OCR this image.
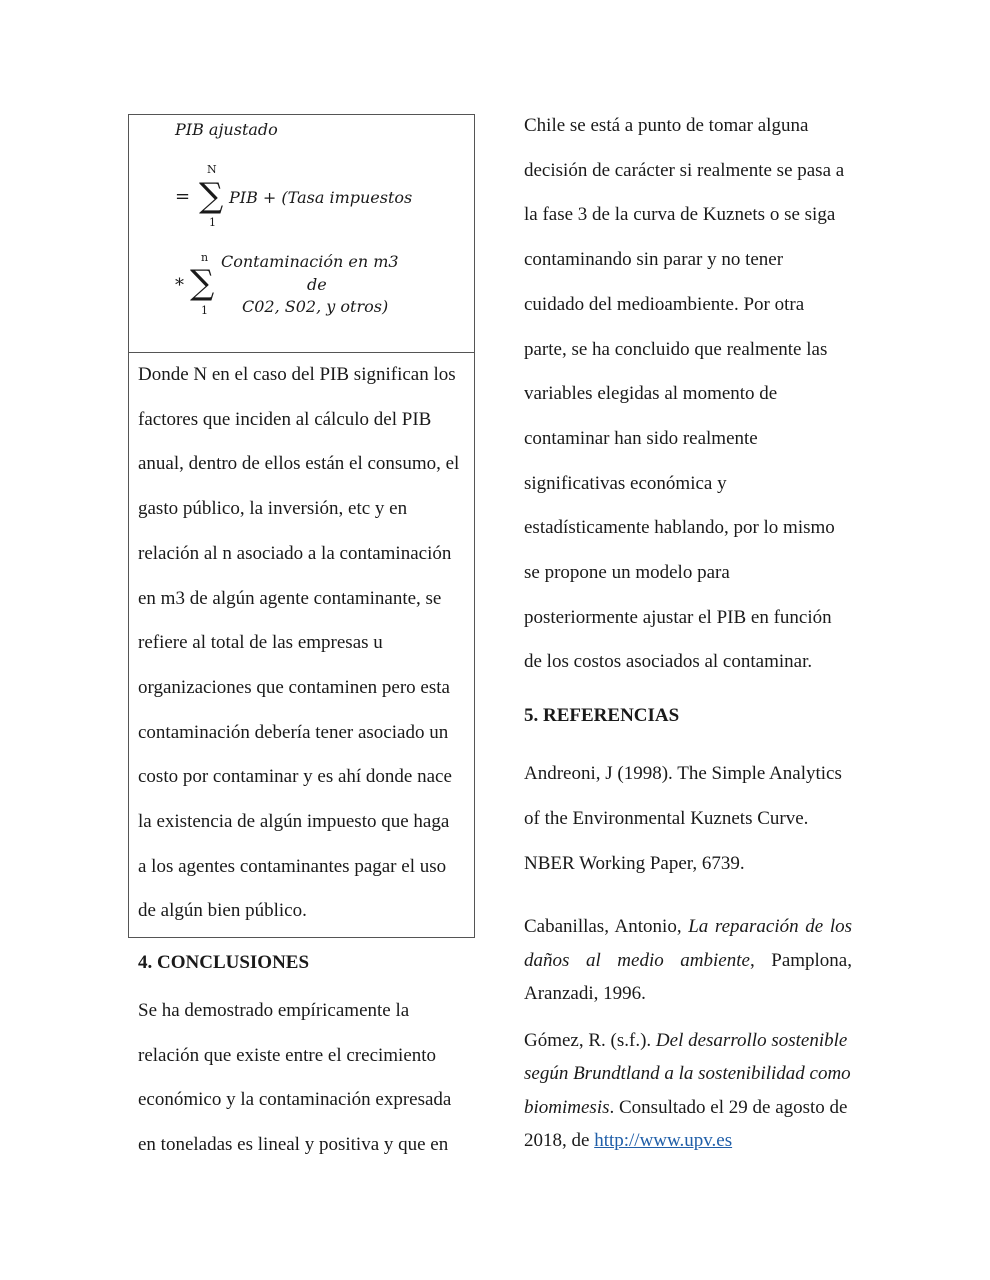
PIB ajustado
=
N
∑
1
PIB + (Tasa impuestos
*
n
∑
1
Contaminación en m3
de
C02, S02, y otros)

Donde N en el caso del PIB significan los
factores que inciden al cálculo del PIB
anual, dentro de ellos están el consumo, el
gasto público, la inversión, etc y en
relación al n asociado a la contaminación
en m3 de algún agente contaminante, se
refiere al total de las empresas u
organizaciones que contaminen pero esta
contaminación debería tener asociado un
costo por contaminar y es ahí donde nace
la existencia de algún impuesto que haga
a los agentes contaminantes pagar el uso
de algún bien público.

4. CONCLUSIONES

Se ha demostrado empíricamente la
relación que existe entre el crecimiento
económico y la contaminación expresada
en toneladas es lineal y positiva y que en

Chile se está a punto de tomar alguna
decisión de carácter si realmente se pasa a
la fase 3 de la curva de Kuznets o se siga
contaminando sin parar y no tener
cuidado del medioambiente. Por otra
parte, se ha concluido que realmente las
variables elegidas al momento de
contaminar han sido realmente
significativas económica y
estadísticamente hablando, por lo mismo
se propone un modelo para
posteriormente ajustar el PIB en función
de los costos asociados al contaminar.

5. REFERENCIAS

Andreoni, J (1998). The Simple Analytics
of the Environmental Kuznets Curve.
NBER Working Paper, 6739.

Cabanillas, Antonio, La reparación de los
daños al medio ambiente, Pamplona,
Aranzadi, 1996.

Gómez, R. (s.f.). Del desarrollo sostenible
según Brundtland a la sostenibilidad como
biomimesis. Consultado el 29 de agosto de
2018, de http://www.upv.es
